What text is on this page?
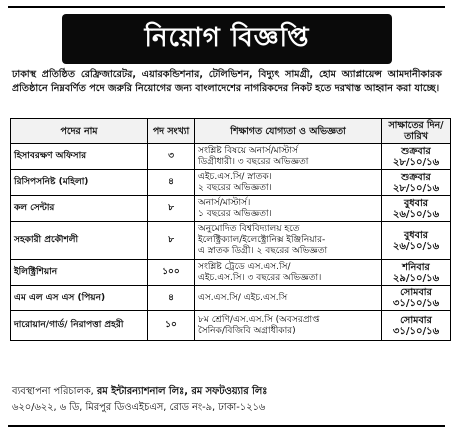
নিয়োগ বিজ্ঞপ্তি
ঢাকাস্থ প্রতিষ্ঠিত রেফ্রিজারেটর, এয়ারকন্ডিশনার, টেলিভিশন, বিদ্যুৎ সামগ্রী, হোম অ্যাপ্লায়েন্স আমদানীকারক প্রতিষ্ঠানে নিম্নবর্ণিত পদে জরুরি নিয়োগের জন্য বাংলাদেশের নাগরিকদের নিকট হতে দরখাস্ত আহ্বান করা যাচ্ছে।
পদের নাম	পদ সংখ্যা	শিক্ষাগত যোগ্যতা ও অভিজ্ঞতা	সাক্ষাতের দিন/ তারিখ
হিসাবরক্ষণ অফিসার	৩	সংশ্লিষ্ট বিষয়ে অনার্স/মাস্টার্স
ডিগ্রীধারী। ৩ বছরের অভিজ্ঞতা	শুক্রবার
২৮/১০/১৬

রিসিপসনিষ্ট (মহিলা)	৪	এইচ.এস.সি/ স্নাতক।
২ বছরের অভিজ্ঞতা।	শুক্রবার
২৮/১০/১৬

কল সেন্টার	৮	অনার্স/মাস্টার্স।
১ বছরের অভিজ্ঞতা।	বুধবার
২৬/১০/১৬

সহকারী প্রকৌশলী	৮	অনুমোদিত বিশ্ববিদ্যালয় হতে
ইলেক্ট্রিক্যাল/ইলেক্ট্রোনিক্স ইঞ্জিনিয়ার-
এ স্নাতক ডিগ্রী। ২ বছরের অভিজ্ঞতা	বুধবার
২৬/১০/১৬

ইলিক্ট্রিশিয়ান	১০০	সংশ্লিষ্ট ট্রেডে এস.এস.সি/
এইচ.এস.সি। ৩ বছরের অভিজ্ঞতা।	শনিবার
২৯/১০/১৬

এম এল এস এস (পিয়ন)	৪	এস.এস.সি/ এইচ.এস.সি	সোমবার
৩১/১০/১৬

দারোয়ান/গার্ড/ নিরাপত্তা প্রহরী	১০	৮ম শ্রেণি/এস.এস.সি (অবসরপ্রাপ্ত
সৈনিক/বিজিবি অগ্রাধীকার)	সোমবার
৩১/১০/১৬
ব্যবস্থাপনা পরিচালক, রম ইন্টারন্যাশনাল লিঃ, রম সফটওয়্যার লিঃ
৬২০/৬২২, ৬ ডি, মিরপুর ডিওএইচএস, রোড নং-৯, ঢাকা-১২১৬
